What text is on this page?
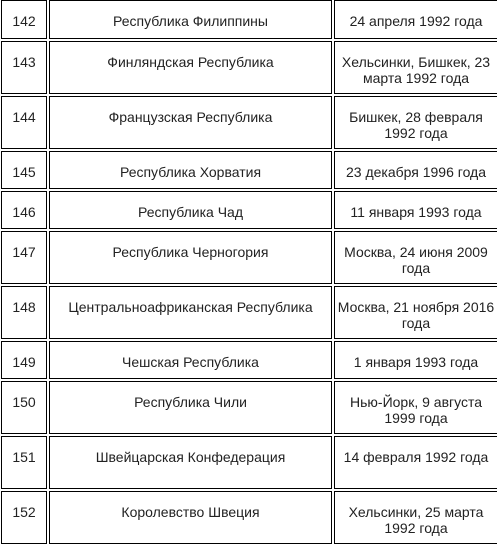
142	Республика Филиппины	24 апреля 1992 года

143	Финляндская Республика	Хельсинки, Бишкек, 23 марта 1992 года

144	Французская Республика	Бишкек, 28 февраля 1992 года

145	Республика Хорватия	23 декабря 1996 года

146	Республика Чад	11 января 1993 года

147	Республика Черногория	Москва, 24 июня 2009 года

148	Центральноафриканская Республика	Москва, 21 ноября 2016 года

149	Чешская Республика	1 января 1993 года

150	Республика Чили	Нью-Йорк, 9 августа 1999 года

151	Швейцарская Конфедерация	14 февраля 1992 года

152	Королевство Швеция	Хельсинки, 25 марта 1992 года
